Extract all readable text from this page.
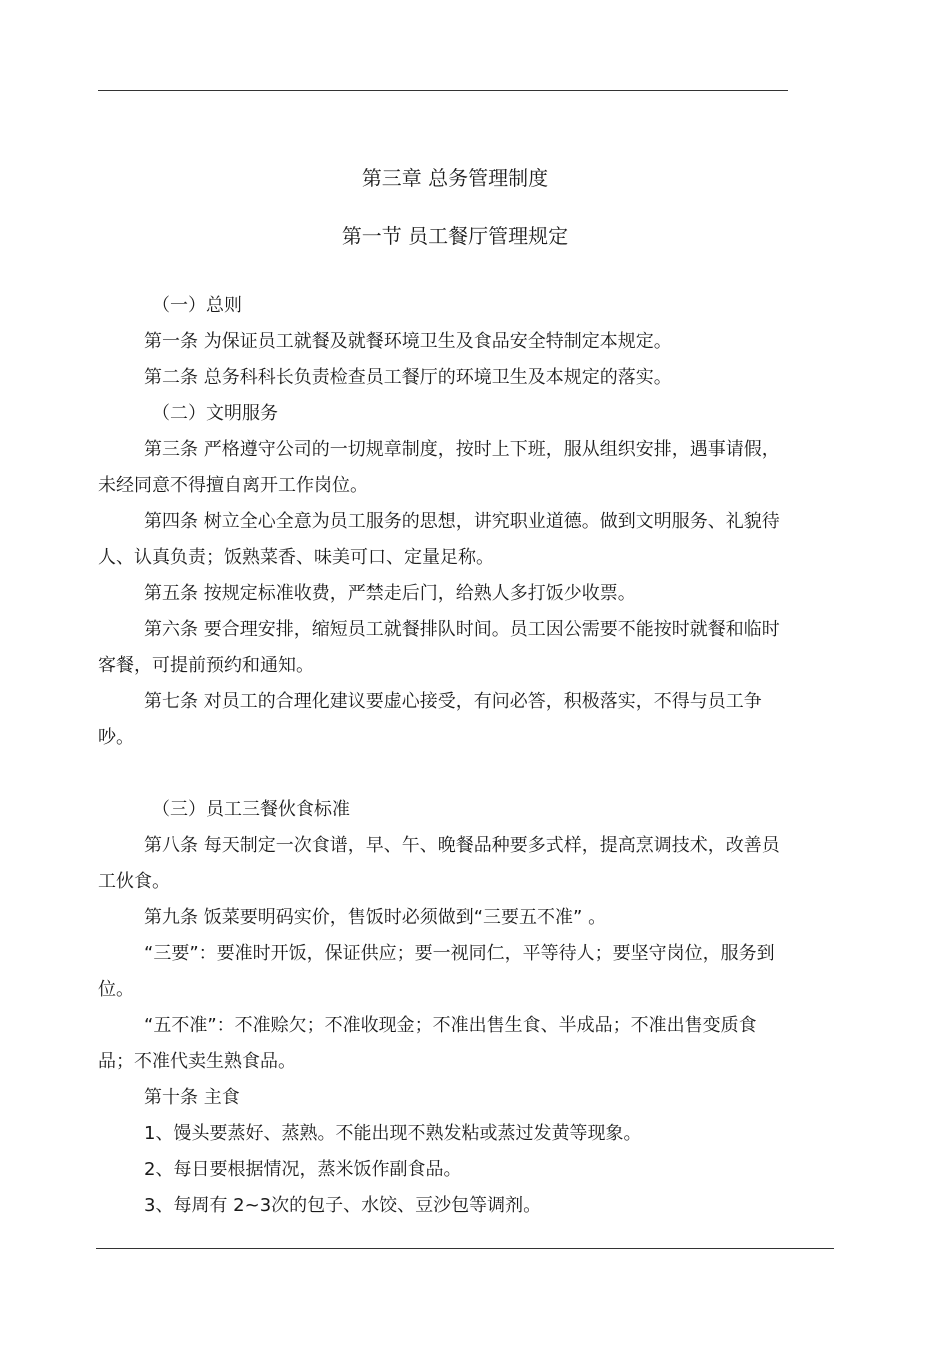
第三章 总务管理制度
第一节 员工餐厅管理规定

（一）总则

第一条 为保证员工就餐及就餐环境卫生及食品安全特制定本规定。

第二条 总务科科长负责检查员工餐厅的环境卫生及本规定的落实。

（二）文明服务

第三条 严格遵守公司的一切规章制度，按时上下班，服从组织安排，遇事请假，未经同意不得擅自离开工作岗位。

第四条 树立全心全意为员工服务的思想，讲究职业道德。做到文明服务、礼貌待人、认真负责；饭熟菜香、味美可口、定量足称。

第五条 按规定标准收费，严禁走后门，给熟人多打饭少收票。

第六条 要合理安排，缩短员工就餐排队时间。员工因公需要不能按时就餐和临时客餐，可提前预约和通知。

第七条 对员工的合理化建议要虚心接受，有问必答，积极落实，不得与员工争吵。

（三）员工三餐伙食标准

第八条 每天制定一次食谱，早、午、晚餐品种要多式样，提高烹调技术，改善员工伙食。

第九条 饭菜要明码实价，售饭时必须做到“三要五不准” 。

“三要”：要准时开饭，保证供应；要一视同仁，平等待人；要坚守岗位，服务到位。

“五不准”：不准赊欠；不准收现金；不准出售生食、半成品；不准出售变质食品；不准代卖生熟食品。

第十条 主食

1、馒头要蒸好、蒸熟。不能出现不熟发粘或蒸过发黄等现象。

2、每日要根据情况，蒸米饭作副食品。

3、每周有 2~3次的包子、水饺、豆沙包等调剂。
